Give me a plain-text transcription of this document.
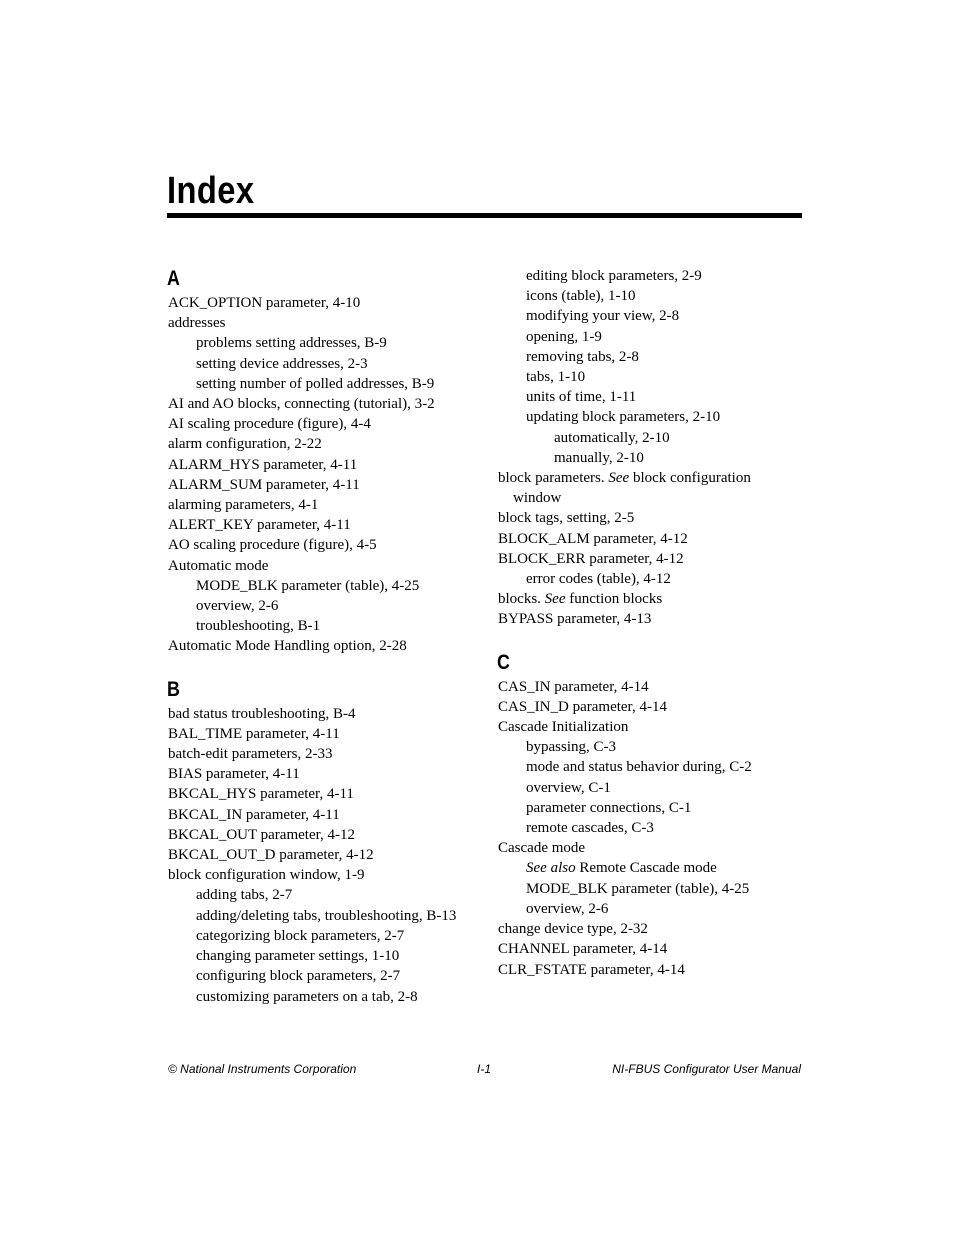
Index
A
ACK_OPTION parameter, 4-10
addresses
problems setting addresses, B-9
setting device addresses, 2-3
setting number of polled addresses, B-9
AI and AO blocks, connecting (tutorial), 3-2
AI scaling procedure (figure), 4-4
alarm configuration, 2-22
ALARM_HYS parameter, 4-11
ALARM_SUM parameter, 4-11
alarming parameters, 4-1
ALERT_KEY parameter, 4-11
AO scaling procedure (figure), 4-5
Automatic mode
MODE_BLK parameter (table), 4-25
overview, 2-6
troubleshooting, B-1
Automatic Mode Handling option, 2-28
B
bad status troubleshooting, B-4
BAL_TIME parameter, 4-11
batch-edit parameters, 2-33
BIAS parameter, 4-11
BKCAL_HYS parameter, 4-11
BKCAL_IN parameter, 4-11
BKCAL_OUT parameter, 4-12
BKCAL_OUT_D parameter, 4-12
block configuration window, 1-9
adding tabs, 2-7
adding/deleting tabs, troubleshooting, B-13
categorizing block parameters, 2-7
changing parameter settings, 1-10
configuring block parameters, 2-7
customizing parameters on a tab, 2-8
editing block parameters, 2-9
icons (table), 1-10
modifying your view, 2-8
opening, 1-9
removing tabs, 2-8
tabs, 1-10
units of time, 1-11
updating block parameters, 2-10
automatically, 2-10
manually, 2-10
block parameters. See block configuration
window
block tags, setting, 2-5
BLOCK_ALM parameter, 4-12
BLOCK_ERR parameter, 4-12
error codes (table), 4-12
blocks. See function blocks
BYPASS parameter, 4-13
C
CAS_IN parameter, 4-14
CAS_IN_D parameter, 4-14
Cascade Initialization
bypassing, C-3
mode and status behavior during, C-2
overview, C-1
parameter connections, C-1
remote cascades, C-3
Cascade mode
See also Remote Cascade mode
MODE_BLK parameter (table), 4-25
overview, 2-6
change device type, 2-32
CHANNEL parameter, 4-14
CLR_FSTATE parameter, 4-14
© National Instruments Corporation	I-1	NI-FBUS Configurator User Manual
